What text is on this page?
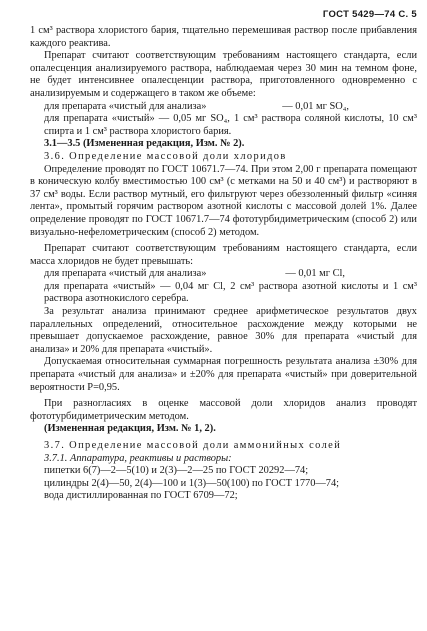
ГОСТ 5429—74 С. 5

1 см³ раствора хлористого бария, тщательно перемешивая раствор после прибавления каждого реактива.

Препарат считают соответствующим требованиям настоящего стандарта, если опалесценция анализируемого раствора, наблюдаемая через 30 мин на темном фоне, не будет интенсивнее опалесценции раствора, приготовленного одновременно с анализируемым и содержащего в таком же объеме:

для препарата «чистый для анализа»	— 0,01 мг SO₄,

для препарата «чистый» — 0,05 мг SO₄, 1 см³ раствора соляной кислоты, 10 см³ спирта и 1 см³ раствора хлористого бария.

3.1—3.5 (Измененная редакция, Изм. № 2).

3.6. Определение массовой доли хлоридов

Определение проводят по ГОСТ 10671.7—74. При этом 2,00 г препарата помещают в коническую колбу вместимостью 100 см³ (с метками на 50 и 40 см³) и растворяют в 37 см³ воды. Если раствор мутный, его фильтруют через обеззоленный фильтр «синяя лента», промытый горячим раствором азотной кислоты с массовой долей 1%. Далее определение проводят по ГОСТ 10671.7—74 фототурбидиметрическим (способ 2) или визуально-нефелометрическим (способ 2) методом.

Препарат считают соответствующим требованиям настоящего стандарта, если масса хлоридов не будет превышать:

для препарата «чистый для анализа»	— 0,01 мг Cl,

для препарата «чистый» — 0,04 мг Cl, 2 см³ раствора азотной кислоты и 1 см³ раствора азотнокислого серебра.

За результат анализа принимают среднее арифметическое результатов двух параллельных определений, относительное расхождение между которыми не превышает допускаемое расхождение, равное 30% для препарата «чистый для анализа» и 20% для препарата «чистый».

Допускаемая относительная суммарная погрешность результата анализа ±30% для препарата «чистый для анализа» и ±20% для препарата «чистый» при доверительной вероятности P=0,95.

При разногласиях в оценке массовой доли хлоридов анализ проводят фототурбидиметрическим методом.

(Измененная редакция, Изм. № 1, 2).

3.7. Определение массовой доли аммонийных солей

3.7.1. Аппаратура, реактивы и растворы:

пипетки 6(7)—2—5(10) и 2(3)—2—25 по ГОСТ 20292—74;

цилиндры 2(4)—50, 2(4)—100 и 1(3)—50(100) по ГОСТ 1770—74;

вода дистиллированная по ГОСТ 6709—72;
